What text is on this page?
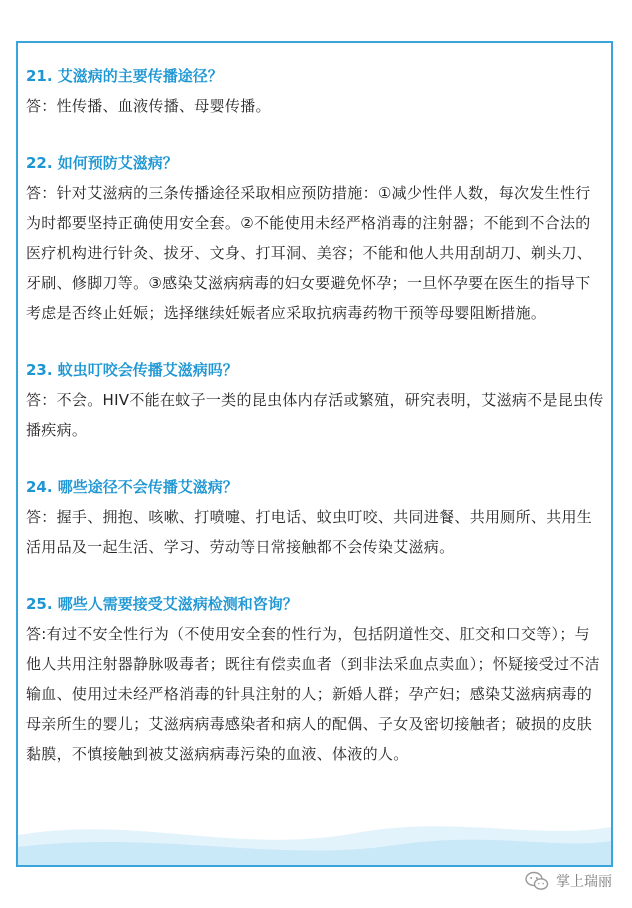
21. 艾滋病的主要传播途径？
答：性传播、血液传播、母婴传播。
22. 如何预防艾滋病？
答：针对艾滋病的三条传播途径采取相应预防措施：①减少性伴人数，每次发生性行为时都要坚持正确使用安全套。②不能使用未经严格消毒的注射器；不能到不合法的医疗机构进行针灸、拔牙、文身、打耳洞、美容；不能和他人共用刮胡刀、剃头刀、牙刷、修脚刀等。③感染艾滋病病毒的妇女要避免怀孕；一旦怀孕要在医生的指导下考虑是否终止妊娠；选择继续妊娠者应采取抗病毒药物干预等母婴阻断措施。
23. 蚊虫叮咬会传播艾滋病吗？
答：不会。HIV不能在蚊子一类的昆虫体内存活或繁殖，研究表明，艾滋病不是昆虫传播疾病。
24. 哪些途径不会传播艾滋病？
答：握手、拥抱、咳嗽、打喷嚏、打电话、蚊虫叮咬、共同进餐、共用厕所、共用生活用品及一起生活、学习、劳动等日常接触都不会传染艾滋病。
25. 哪些人需要接受艾滋病检测和咨询？
答:有过不安全性行为（不使用安全套的性行为，包括阴道性交、肛交和口交等）；与他人共用注射器静脉吸毒者；既往有偿卖血者（到非法采血点卖血）；怀疑接受过不洁输血、使用过未经严格消毒的针具注射的人；新婚人群；孕产妇；感染艾滋病病毒的母亲所生的婴儿；艾滋病病毒感染者和病人的配偶、子女及密切接触者；破损的皮肤黏膜，不慎接触到被艾滋病病毒污染的血液、体液的人。
掌上瑞丽
